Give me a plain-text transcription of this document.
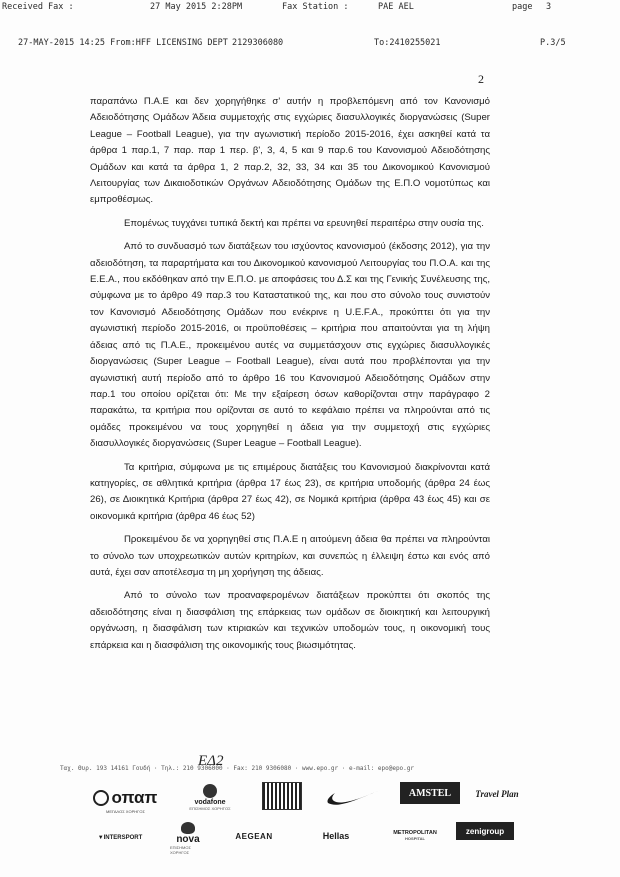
Received Fax :	27 May 2015 2:28PM	Fax Station :	PAE AEL	page 3
27-MAY-2015 14:25 From:HFF LICENSING DEPT 2129306080	To:2410255021	P.3/5
2

παραπάνω Π.Α.Ε και δεν χορηγήθηκε σ' αυτήν η προβλεπόμενη από τον Κανονισμό Αδειοδότησης Ομάδων Άδεια συμμετοχής στις εγχώριες διασυλλογικές διοργανώσεις (Super League – Football League), για την αγωνιστική περίοδο 2015-2016, έχει ασκηθεί κατά τα άρθρα 1 παρ.1, 7 παρ. παρ 1 περ. β', 3, 4, 5 και 9 παρ.6 του Κανονισμού Αδειοδότησης Ομάδων και κατά τα άρθρα 1, 2 παρ.2, 32, 33, 34 και 35 του Δικονομικού Κανονισμού Λειτουργίας των Δικαιοδοτικών Οργάνων Αδειοδότησης Ομάδων της Ε.Π.Ο νομοτύπως και εμπροθέσμως.

Επομένως τυγχάνει τυπικά δεκτή και πρέπει να ερευνηθεί περαιτέρω στην ουσία της.

Από το συνδυασμό των διατάξεων του ισχύοντος κανονισμού (έκδοσης 2012), για την αδειοδότηση, τα παραρτήματα και του Δικονομικού κανονισμού Λειτουργίας του Π.Ο.Α. και της Ε.Ε.Α., που εκδόθηκαν από την Ε.Π.Ο. με αποφάσεις του Δ.Σ και της Γενικής Συνέλευσης της, σύμφωνα με το άρθρο 49 παρ.3 του Καταστατικού της, και που στο σύνολο τους συνιστούν τον Κανονισμό Αδειοδότησης Ομάδων που ενέκρινε η U.E.F.A., προκύπτει ότι για την αγωνιστική περίοδο 2015-2016, οι προϋποθέσεις – κριτήρια που απαιτούνται για τη λήψη άδειας από τις Π.Α.Ε., προκειμένου αυτές να συμμετάσχουν στις εγχώριες διασυλλογικές διοργανώσεις (Super League – Football League), είναι αυτά που προβλέπονται για την αγωνιστική αυτή περίοδο από το άρθρο 16 του Κανονισμού Αδειοδότησης Ομάδων στην παρ.1 του οποίου ορίζεται ότι: Με την εξαίρεση όσων καθορίζονται στην παράγραφο 2 παρακάτω, τα κριτήρια που ορίζονται σε αυτό το κεφάλαιο πρέπει να πληρούνται από τις ομάδες προκειμένου να τους χορηγηθεί η άδεια για την συμμετοχή στις εγχώριες διασυλλογικές διοργανώσεις (Super League – Football League).

Τα κριτήρια, σύμφωνα με τις επιμέρους διατάξεις του Κανονισμού διακρίνονται κατά κατηγορίες, σε αθλητικά κριτήρια (άρθρα 17 έως 23), σε κριτήρια υποδομής (άρθρα 24 έως 26), σε Διοικητικά Κριτήρια (άρθρα 27 έως 42), σε Νομικά κριτήρια (άρθρα 43 έως 45) και σε οικονομικά κριτήρια (άρθρα 46 έως 52)

Προκειμένου δε να χορηγηθεί στις Π.Α.Ε η αιτούμενη άδεια θα πρέπει να πληρούνται το σύνολο των υποχρεωτικών αυτών κριτηρίων, και συνεπώς η έλλειψη έστω και ενός από αυτά, έχει σαν αποτέλεσμα τη μη χορήγηση της άδειας.

Από το σύνολο των προαναφερομένων διατάξεων προκύπτει ότι σκοπός της αδειοδότησης είναι η διασφάλιση της επάρκειας των ομάδων σε διοικητική και λειτουργική οργάνωση, η διασφάλιση των κτιριακών και τεχνικών υποδομών τους, η οικονομική τους επάρκεια και η διασφάλιση της οικονομικής τους βιωσιμότητας.

Ταχ. Θυρ. 193 14161 Γουδή · Τηλ.: 210 9306000 · Fax: 210 9306080 · www.epo.gr · e-mail: epo@epo.gr
ΕΔ2
οπαπ
ΜΕΓΑΛΟΣ ΧΟΡΗΓΟΣ
vodafone
ΕΠΙΣΗΜΟΣ ΧΟΡΗΓΟΣ
AMSTEL	Travel Plan
▼INTERSPORT	nova
ΕΠΙΣΗΜΟΣ ΧΟΡΗΓΟΣ
AEGEAN	Hellas	METROPOLITAN
HOSPITAL
zenigroup
